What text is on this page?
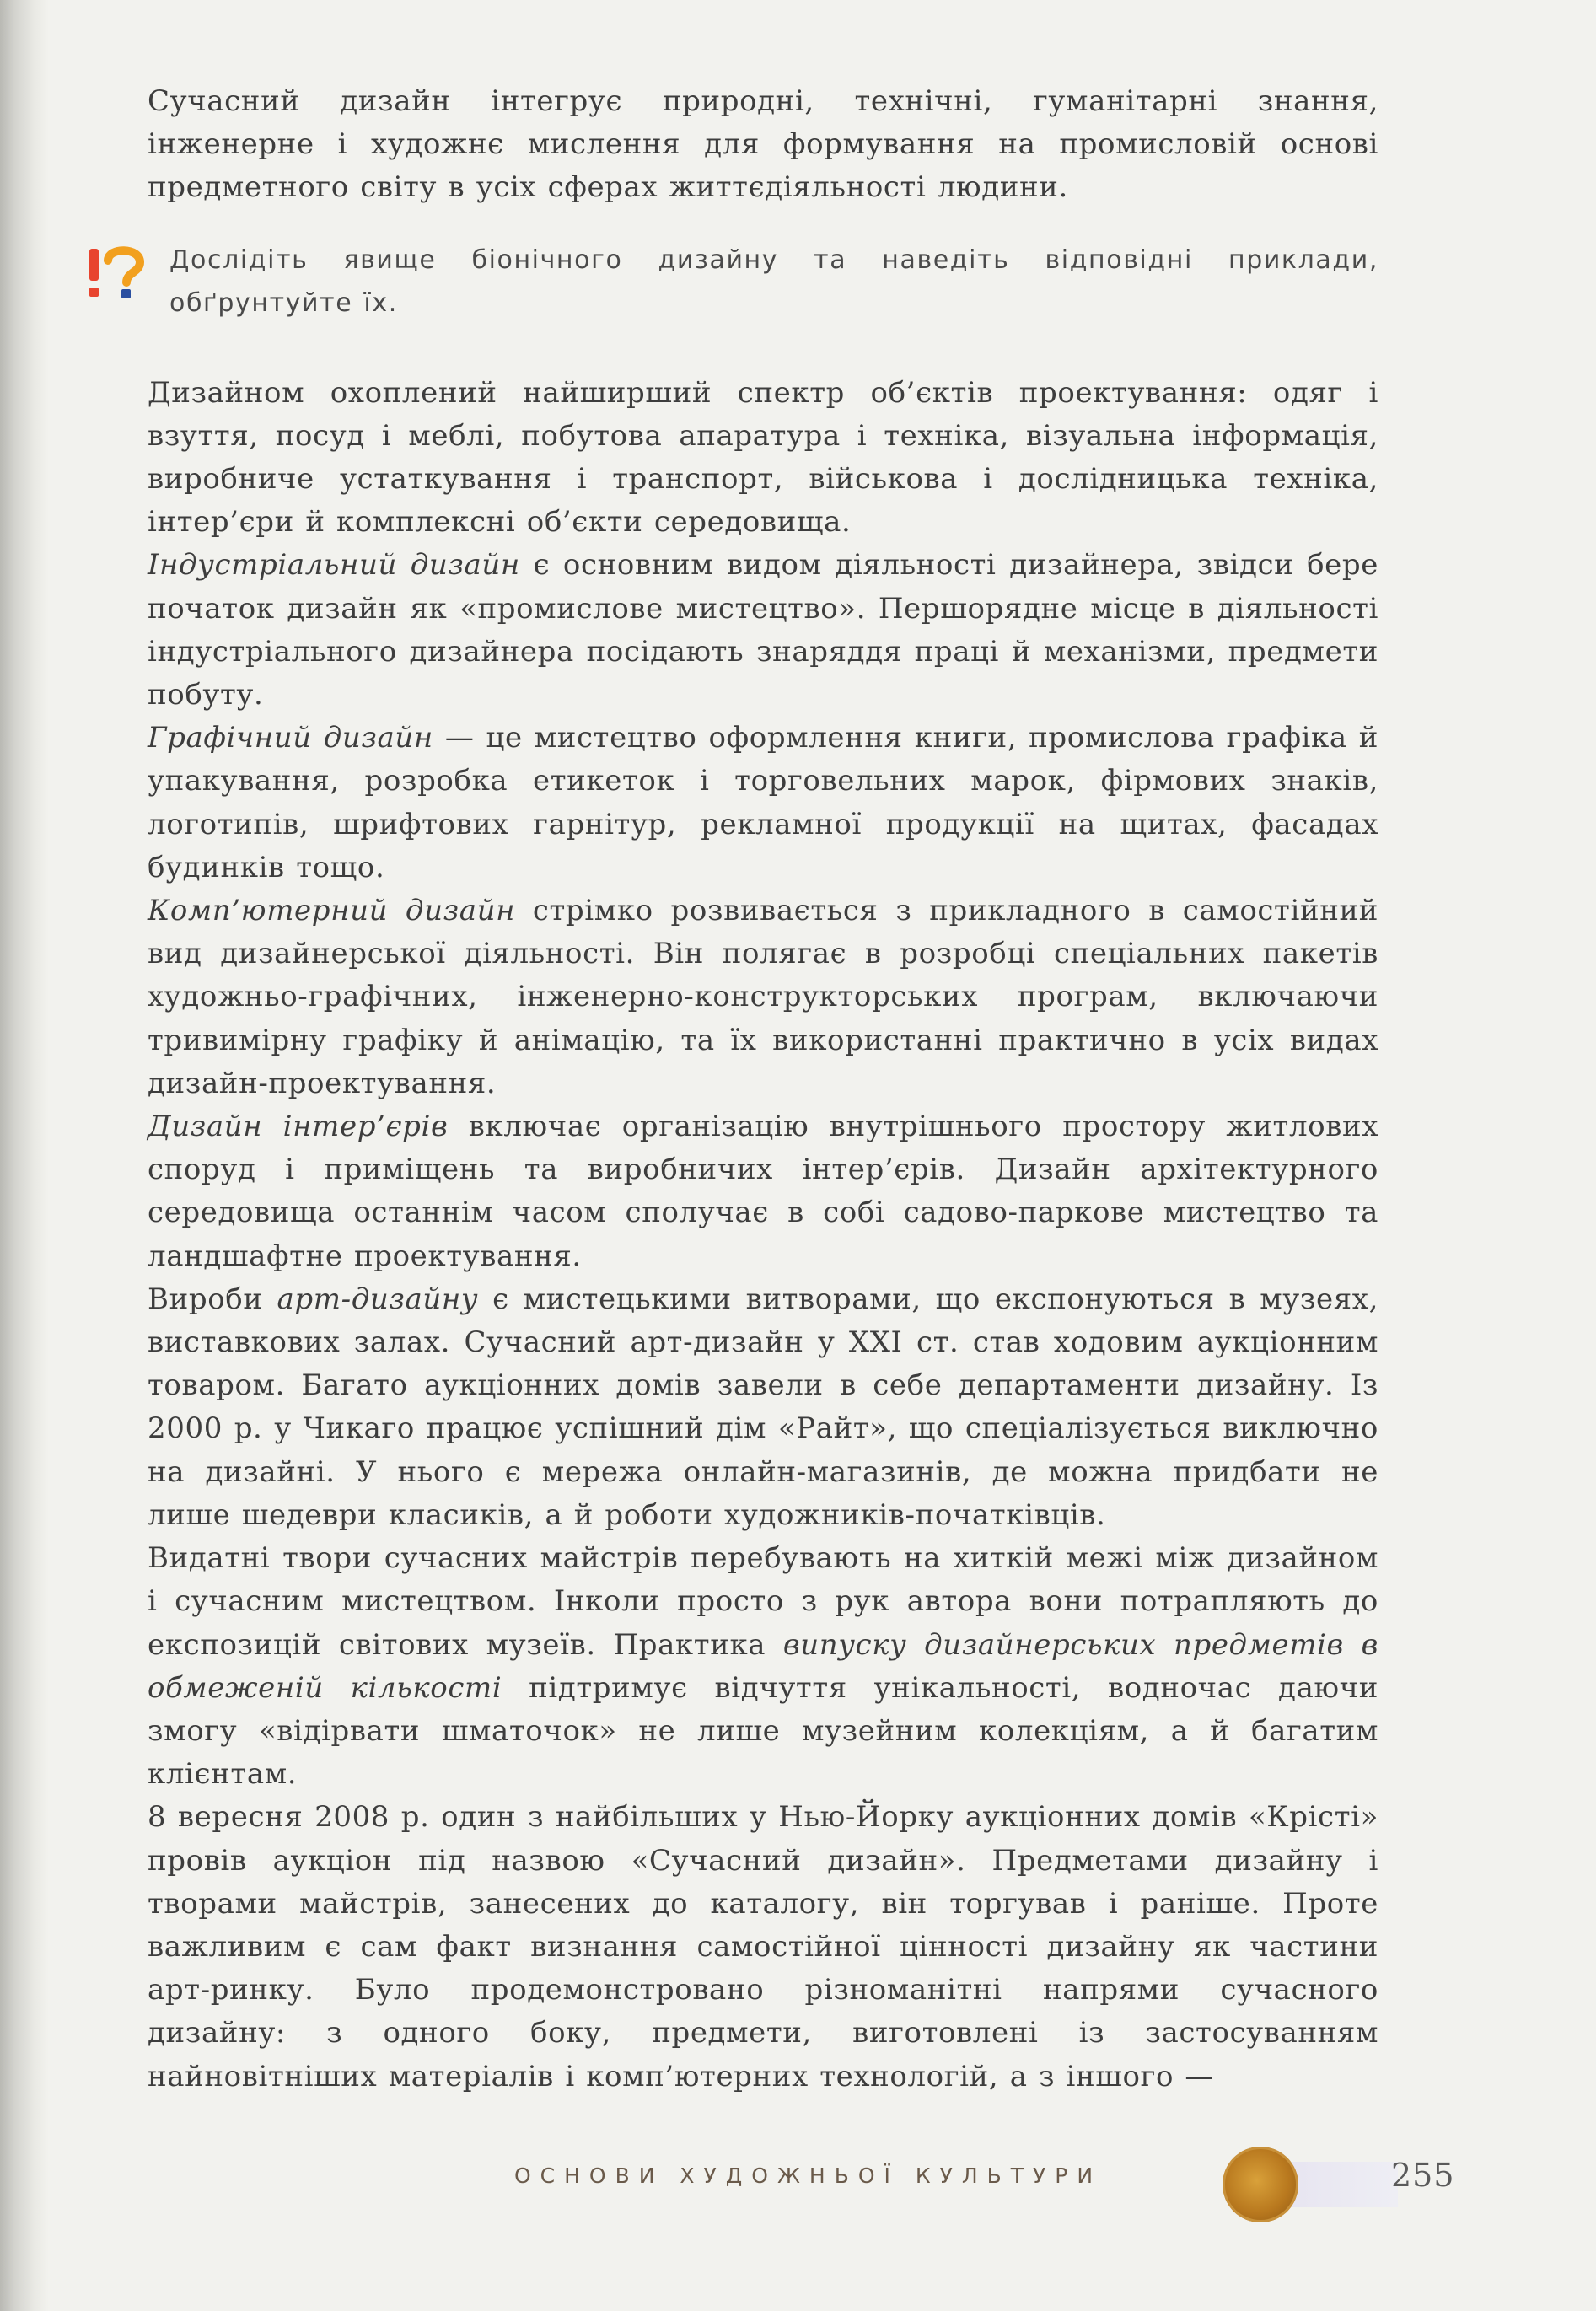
Сучасний дизайн інтегрує природні, технічні, гуманітарні знання, інженерне і художнє мислення для формування на промисловій основі предметного світу в усіх сферах життєдіяльності людини.

Дослідіть явище біонічного дизайну та наведіть відповідні приклади, обґрунтуйте їх.

Дизайном охоплений найширший спектр об’єктів проектування: одяг і взуття, посуд і меблі, побутова апаратура і техніка, візуальна інформація, виробниче устаткування і транспорт, військова і дослідницька техніка, інтер’єри й комплексні об’єкти середовища.

Індустріальний дизайн є основним видом діяльності дизайнера, звідси бере початок дизайн як «промислове мистецтво». Першорядне місце в діяльності індустріального дизайнера посідають знаряддя праці й механізми, предмети побуту.

Графічний дизайн — це мистецтво оформлення книги, промислова графіка й упакування, розробка етикеток і торговельних марок, фірмових знаків, логотипів, шрифтових гарнітур, рекламної продукції на щитах, фасадах будинків тощо.

Комп’ютерний дизайн стрімко розвивається з прикладного в самостійний вид дизайнерської діяльності. Він полягає в розробці спеціальних пакетів художньо-графічних, інженерно-конструкторських програм, включаючи тривимірну графіку й анімацію, та їх використанні практично в усіх видах дизайн-проектування.

Дизайн інтер’єрів включає організацію внутрішнього простору житлових споруд і приміщень та виробничих інтер’єрів. Дизайн архітектурного середовища останнім часом сполучає в собі садово-паркове мистецтво та ландшафтне проектування.

Вироби арт-дизайну є мистецькими витворами, що експонуються в музеях, виставкових залах. Сучасний арт-дизайн у XXI ст. став ходовим аукціонним товаром. Багато аукціонних домів завели в себе департаменти дизайну. Із 2000 р. у Чикаго працює успішний дім «Райт», що спеціалізується виключно на дизайні. У нього є мережа онлайн-магазинів, де можна придбати не лише шедеври класиків, а й роботи художників-початківців.

Видатні твори сучасних майстрів перебувають на хиткій межі між дизайном і сучасним мистецтвом. Інколи просто з рук автора вони потрапляють до експозицій світових музеїв. Практика випуску дизайнерських предметів в обмеженій кількості підтримує відчуття унікальності, водночас даючи змогу «відірвати шматочок» не лише музейним колекціям, а й багатим клієнтам.

8 вересня 2008 р. один з найбільших у Нью-Йорку аукціонних домів «Крісті» провів аукціон під назвою «Сучасний дизайн». Предметами дизайну і творами майстрів, занесених до каталогу, він торгував і раніше. Проте важливим є сам факт визнання самостійної цінності дизайну як частини арт-ринку. Було продемонстровано різноманітні напрями сучасного дизайну: з одного боку, предмети, виготовлені із застосуванням найновітніших матеріалів і комп’ютерних технологій, а з іншого —

ОСНОВИ ХУДОЖНЬОЇ КУЛЬТУРИ	255
